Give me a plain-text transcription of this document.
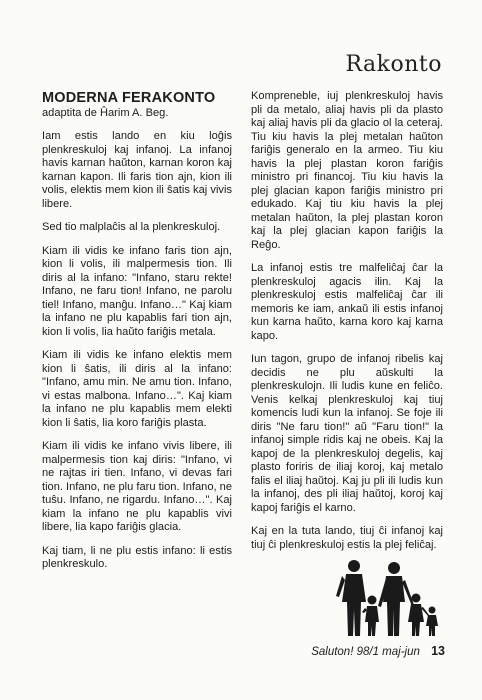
Rakonto
MODERNA FERAKONTO

adaptita de Ĥarim A. Beg.

Iam estis lando en kiu loĝis plenkreskuloj kaj infanoj. La infanoj havis karnan haŭton, karnan koron kaj karnan kapon. Ili faris tion ajn, kion ili volis, elektis mem kion ili ŝatis kaj vivis libere.

Sed tio malplaĉis al la plenkreskuloj.

Kiam ili vidis ke infano faris tion ajn, kion li volis, ili malpermesis tion. Ili diris al la infano: "Infano, staru rekte! Infano, ne faru tion! Infano, ne parolu tiel! Infano, manĝu. Infano…" Kaj kiam la infano ne plu kapablis fari tion ajn, kion li volis, lia haŭto fariĝis metala.

Kiam ili vidis ke infano elektis mem kion li ŝatis, ili diris al la infano: "Infano, amu min. Ne amu tion. Infano, vi estas malbona. Infano…". Kaj kiam la infano ne plu kapablis mem elekti kion li ŝatis, lia koro fariĝis plasta.

Kiam ili vidis ke infano vivis libere, ili malpermesis tion kaj diris: "Infano, vi ne rajtas iri tien. Infano, vi devas fari tion. Infano, ne plu faru tion. Infano, ne tuŝu. Infano, ne rigardu. Infano…". Kaj kiam la infano ne plu kapablis vivi libere, lia kapo fariĝis glacia.

Kaj tiam, li ne plu estis infano: li estis plenkreskulo.

Kompreneble, iuj plenkreskuloj havis pli da metalo, aliaj havis pli da plasto kaj aliaj havis pli da glacio ol la ceteraj. Tiu kiu havis la plej metalan haŭton fariĝis generalo en la armeo. Tiu kiu havis la plej plastan koron fariĝis ministro pri financoj. Tiu kiu havis la plej glacian kapon fariĝis ministro pri edukado. Kaj tiu kiu havis la plej metalan haŭton, la plej plastan koron kaj la plej glacian kapon fariĝis la Reĝo.

La infanoj estis tre malfeliĉaj ĉar la plenkreskuloj agacis ilin. Kaj la plenkreskuloj estis malfeliĉaj ĉar ili memoris ke iam, ankaŭ ili estis infanoj kun karna haŭto, karna koro kaj karna kapo.

Iun tagon, grupo de infanoj ribelis kaj decidis ne plu aŭskulti la plenkreskulojn. Ili ludis kune en feliĉo. Venis kelkaj plenkreskuloj kaj tiuj komencis ludi kun la infanoj. Se foje ili diris "Ne faru tion!" aŭ "Faru tion!" la infanoj simple ridis kaj ne obeis. Kaj la kapoj de la plenkreskuloj degelis, kaj plasto foriris de iliaj koroj, kaj metalo falis el iliaj haŭtoj. Kaj ju pli ili ludis kun la infanoj, des pli iliaj haŭtoj, koroj kaj kapoj fariĝis el karno.

Kaj en la tuta lando, tiuj ĉi infanoj kaj tiuj ĉi plenkreskuloj estis la plej feliĉaj.

Saluton! 98/1 maj-jun 13
